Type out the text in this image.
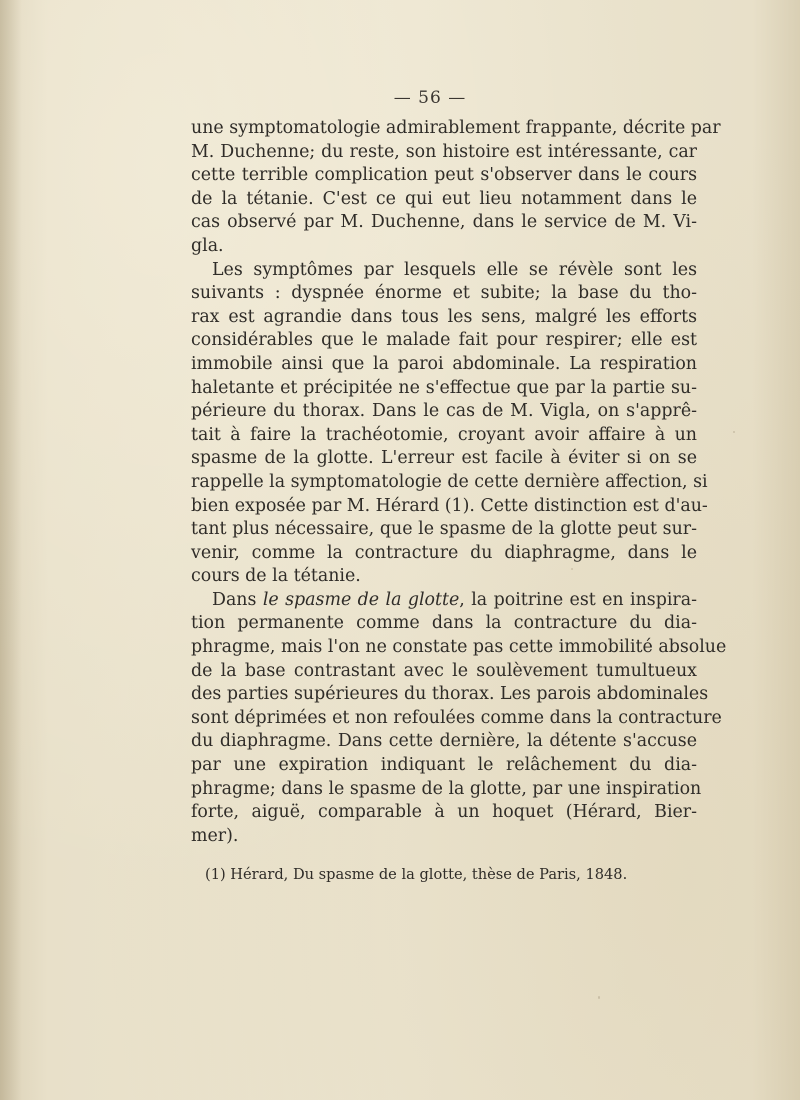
— 56 —
une symptomatologie admirablement frappante, décrite par
M. Duchenne; du reste, son histoire est intéressante, car
cette terrible complication peut s'observer dans le cours
de la tétanie. C'est ce qui eut lieu notamment dans le
cas observé par M. Duchenne, dans le service de M. Vi-
gla.
Les symptômes par lesquels elle se révèle sont les
suivants : dyspnée énorme et subite; la base du tho-
rax est agrandie dans tous les sens, malgré les efforts
considérables que le malade fait pour respirer; elle est
immobile ainsi que la paroi abdominale. La respiration
haletante et précipitée ne s'effectue que par la partie su-
périeure du thorax. Dans le cas de M. Vigla, on s'apprê-
tait à faire la trachéotomie, croyant avoir affaire à un
spasme de la glotte. L'erreur est facile à éviter si on se
rappelle la symptomatologie de cette dernière affection, si
bien exposée par M. Hérard (1). Cette distinction est d'au-
tant plus nécessaire, que le spasme de la glotte peut sur-
venir, comme la contracture du diaphragme, dans le
cours de la tétanie.
Dans le spasme de la glotte, la poitrine est en inspira-
tion permanente comme dans la contracture du dia-
phragme, mais l'on ne constate pas cette immobilité absolue
de la base contrastant avec le soulèvement tumultueux
des parties supérieures du thorax. Les parois abdominales
sont déprimées et non refoulées comme dans la contracture
du diaphragme. Dans cette dernière, la détente s'accuse
par une expiration indiquant le relâchement du dia-
phragme; dans le spasme de la glotte, par une inspiration
forte, aiguë, comparable à un hoquet (Hérard, Bier-
mer).
(1) Hérard, Du spasme de la glotte, thèse de Paris, 1848.
